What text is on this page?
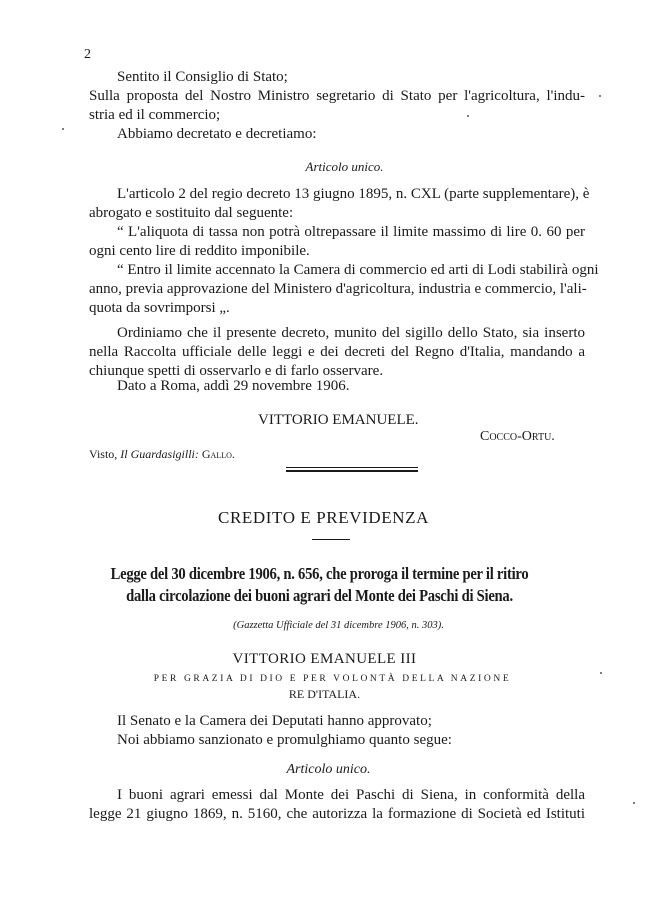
2
Sentito il Consiglio di Stato;
Sulla proposta del Nostro Ministro segretario di Stato per l'agricoltura, l'indu-
stria ed il commercio;
Abbiamo decretato e decretiamo:
Articolo unico.
L'articolo 2 del regio decreto 13 giugno 1895, n. CXL (parte supplementare), è
abrogato e sostituito dal seguente:
“ L'aliquota di tassa non potrà oltrepassare il limite massimo di lire 0. 60 per
ogni cento lire di reddito imponibile.
“ Entro il limite accennato la Camera di commercio ed arti di Lodi stabilirà ogni
anno, previa approvazione del Ministero d'agricoltura, industria e commercio, l'ali-
quota da sovrimporsi „.
Ordiniamo che il presente decreto, munito del sigillo dello Stato, sia inserto
nella Raccolta ufficiale delle leggi e dei decreti del Regno d'Italia, mandando a
chiunque spetti di osservarlo e di farlo osservare.
Dato a Roma, addì 29 novembre 1906.
VITTORIO EMANUELE.
Cocco-Ortu.
Visto, Il Guardasigilli: Gallo.
CREDITO E PREVIDENZA
Legge del 30 dicembre 1906, n. 656, che proroga il termine per il ritiro
dalla circolazione dei buoni agrari del Monte dei Paschi di Siena.
(Gazzetta Ufficiale del 31 dicembre 1906, n. 303).
VITTORIO EMANUELE III
PER GRAZIA DI DIO E PER VOLONTÀ DELLA NAZIONE
RE D'ITALIA.
Il Senato e la Camera dei Deputati hanno approvato;
Noi abbiamo sanzionato e promulghiamo quanto segue:
Articolo unico.
I buoni agrari emessi dal Monte dei Paschi di Siena, in conformità della
legge 21 giugno 1869, n. 5160, che autorizza la formazione di Società ed Istituti
